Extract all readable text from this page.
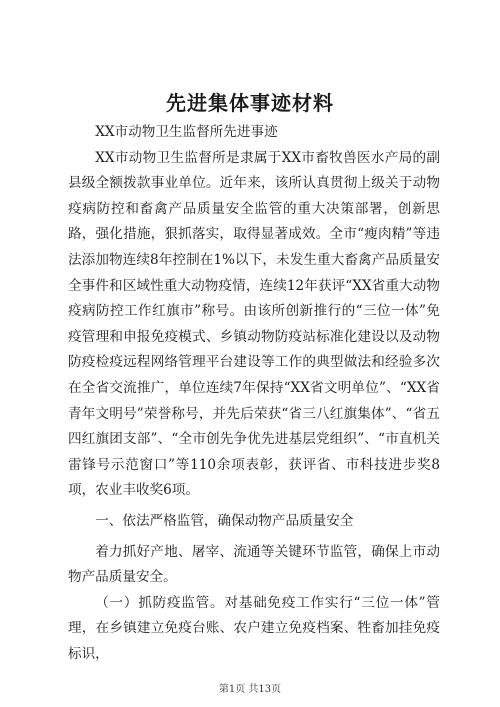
先进集体事迹材料

XX市动物卫生监督所先进事迹

XX市动物卫生监督所是隶属于XX市畜牧兽医水产局的副县级全额拨款事业单位。近年来，该所认真贯彻上级关于动物疫病防控和畜禽产品质量安全监管的重大决策部署，创新思路，强化措施，狠抓落实，取得显著成效。全市“瘦肉精”等违法添加物连续8年控制在1%以下，未发生重大畜禽产品质量安全事件和区域性重大动物疫情，连续12年获评“XX省重大动物疫病防控工作红旗市”称号。由该所创新推行的“三位一体”免疫管理和申报免疫模式、乡镇动物防疫站标准化建设以及动物防疫检疫远程网络管理平台建设等工作的典型做法和经验多次在全省交流推广，单位连续7年保持“XX省文明单位”、“XX省青年文明号”荣誉称号，并先后荣获“省三八红旗集体”、“省五四红旗团支部”、“全市创先争优先进基层党组织”、“市直机关雷锋号示范窗口”等110余项表彰，获评省、市科技进步奖8项，农业丰收奖6项。

一、依法严格监管，确保动物产品质量安全

着力抓好产地、屠宰、流通等关键环节监管，确保上市动物产品质量安全。

（一）抓防疫监管。对基础免疫工作实行“三位一体”管理，在乡镇建立免疫台账、农户建立免疫档案、牲畜加挂免疫标识，

第1页 共13页
